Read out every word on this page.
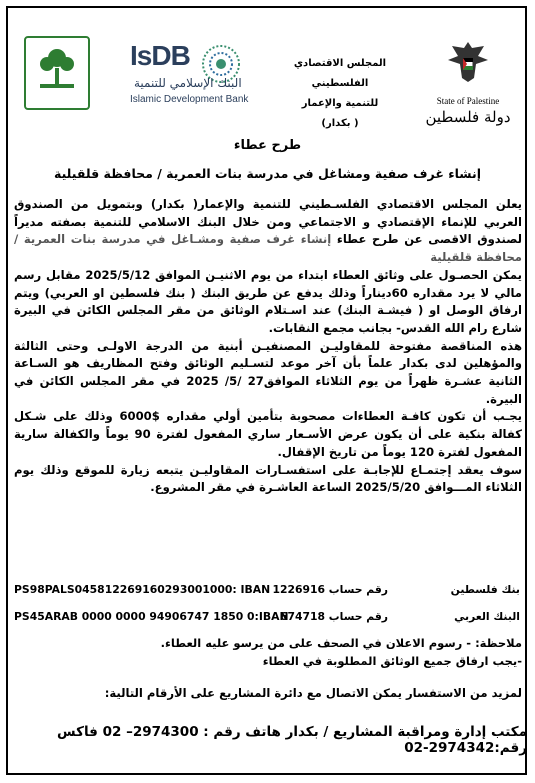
IsDB
البنك الإسلامي للتنمية
Islamic Development Bank
المجلس الاقتصادي الفلسطيني
للتنمية والإعمار
( بكدار)
State of Palestine
دولة فلسطين
طرح عطاء
إنشاء غرف صفية ومشاغل في مدرسة بنات العمرية / محافظة قلقيلية

يعلن المجلس الاقتصادي الفلسـطيني للتنمية والإعمار( بكدار) وبتمويل من الصندوق العربي للإنماء الإقتصادي و الاجتماعي ومن خلال البنك الاسلامي للتنمية بصفته مديراً لصندوق الاقصى عن طرح عطاء إنشاء غرف صفية ومشـاغل في مدرسة بنات العمرية / محافظة قلقيلية

يمكن الحصـول على وثائق العطاء ابتداء من يوم الاثنيـن الموافق 2025/5/12 مقابل رسم مالي لا يرد مقداره 60ديناراً وذلك يدفع عن طريق البنك ( بنك فلسطين او العربي) ويتم ارفاق الوصل او ( فيشـة البنك) عند اسـتلام الوثائق من مقر المجلس الكائن في البيرة شارع رام الله القدس- بجانب مجمع النقابات.

هذه المناقصة مفتوحة للمقاوليـن المصنفيـن أبنية من الدرجة الاولـى وحتى الثالثة والمؤهلين لدى بكدار علماً بأن آخر موعد لتسـليم الوثائق وفتح المظاريف هو السـاعة الثانية عشـرة ظهراً من يوم الثلاثاء الموافق27 /5/ 2025 في مقر المجلس الكائن في البيرة.

يجـب أن تكون كافـة العطاءات مصحوبة بتأمين أولي مقداره $6000 وذلك على شـكل كفالة بنكية على أن يكون عرض الأسـعار ساري المفعول لفترة 90 يوماً والكفالة سارية المفعول لفترة 120 يوماً من تاريخ الإقفال.

سوف يعقد إجتمـاع للإجابـة على استفسـارات المقاوليـن يتبعه زيارة للموقع وذلك يوم الثلاثاء المـــوافق 2025/5/20 الساعة العاشـرة في مقر المشروع.

بنك فلسطين
رقم حساب 1226916
PS98PALS045812269160293001000: IBAN
البنك العربي
رقم حساب 674718
PS45ARAB 0000 0000 94906747 1850 0:IBAN
ملاحظة: - رسوم الاعلان في الصحف على من يرسو عليه العطاء.
-يجب ارفاق جميع الوثائق المطلوبة في العطاء
لمزيد من الاستفسار يمكن الاتصال مع دائرة المشاريع على الأرقام التالية:
مكتب إدارة ومراقبة المشاريع / بكدار هاتف رقم : 2974300– 02 فاكس رقم:2974342-02
